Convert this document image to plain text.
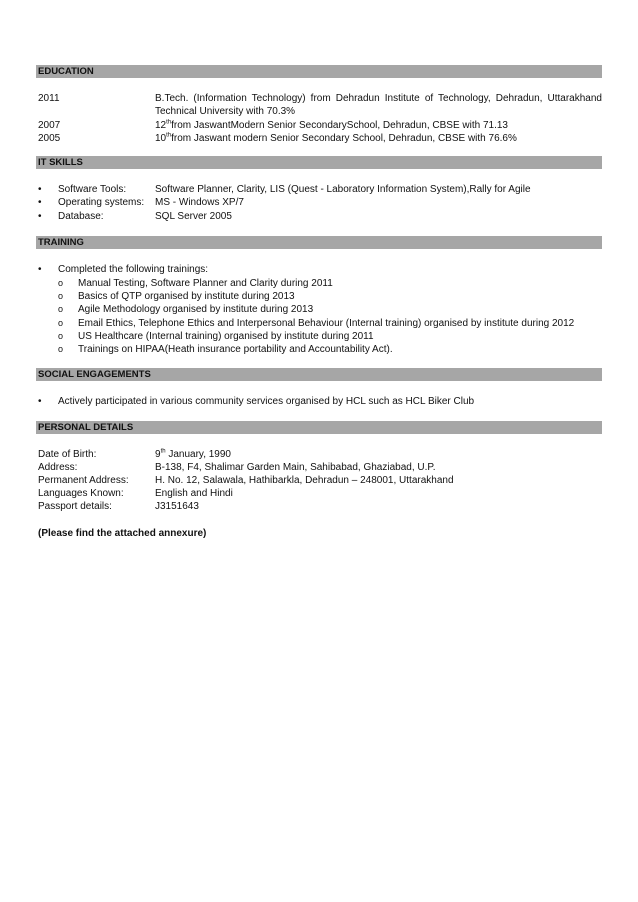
EDUCATION
2011	B.Tech. (Information Technology) from Dehradun Institute of Technology, Dehradun, Uttarakhand
Technical University with 70.3%
2007	12thfrom JaswantModern Senior SecondarySchool, Dehradun, CBSE with 71.13
2005	10thfrom Jaswant modern Senior Secondary School, Dehradun, CBSE with 76.6%
IT SKILLS
• Software Tools:	Software Planner, Clarity, LIS (Quest - Laboratory Information System),Rally for Agile
• Operating systems: MS - Windows XP/7
• Database:	SQL Server 2005
TRAINING
• Completed the following trainings:
o Manual Testing, Software Planner and Clarity during 2011
o Basics of QTP organised by institute during 2013
o Agile Methodology organised by institute during 2013
o Email Ethics, Telephone Ethics and Interpersonal Behaviour (Internal training) organised by institute during 2012
o US Healthcare (Internal training) organised by institute during 2011
o Trainings on HIPAA(Heath insurance portability and Accountability Act).
SOCIAL ENGAGEMENTS
• Actively participated in various community services organised by HCL such as HCL Biker Club
PERSONAL DETAILS
Date of Birth:	9th January, 1990
Address:	B-138, F4, Shalimar Garden Main, Sahibabad, Ghaziabad, U.P.
Permanent Address:	H. No. 12, Salawala, Hathibarkla, Dehradun – 248001, Uttarakhand
Languages Known:	English and Hindi
Passport details:	J3151643
(Please find the attached annexure)
